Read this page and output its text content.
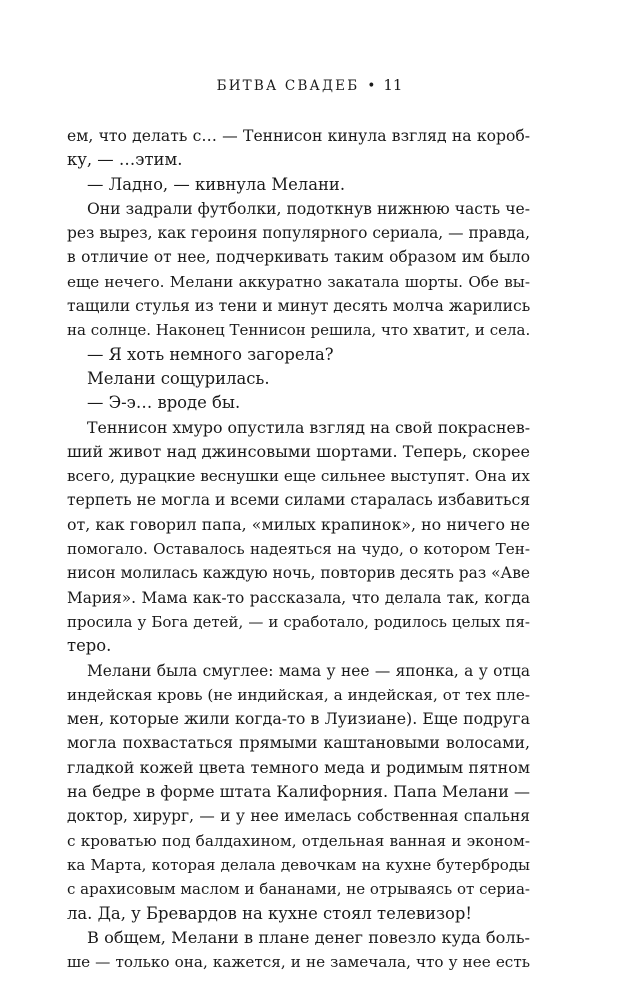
БИТВА СВАДЕБ • 11
ем, что делать с… — Теннисон кинула взгляд на короб-
ку, — …этим.
— Ладно, — кивнула Мелани.
Они задрали футболки, подоткнув нижнюю часть че-
рез вырез, как героиня популярного сериала, — правда,
в отличие от нее, подчеркивать таким образом им было
еще нечего. Мелани аккуратно закатала шорты. Обе вы-
тащили стулья из тени и минут десять молча жарились
на солнце. Наконец Теннисон решила, что хватит, и села.
— Я хоть немного загорела?
Мелани сощурилась.
— Э-э… вроде бы.
Теннисон хмуро опустила взгляд на свой покраснев-
ший живот над джинсовыми шортами. Теперь, скорее
всего, дурацкие веснушки еще сильнее выступят. Она их
терпеть не могла и всеми силами старалась избавиться
от, как говорил папа, «милых крапинок», но ничего не
помогало. Оставалось надеяться на чудо, о котором Тен-
нисон молилась каждую ночь, повторив десять раз «Аве
Мария». Мама как-то рассказала, что делала так, когда
просила у Бога детей, — и сработало, родилось целых пя-
теро.
Мелани была смуглее: мама у нее — японка, а у отца
индейская кровь (не индийская, а индейская, от тех пле-
мен, которые жили когда-то в Луизиане). Еще подруга
могла похвастаться прямыми каштановыми волосами,
гладкой кожей цвета темного меда и родимым пятном
на бедре в форме штата Калифорния. Папа Мелани —
доктор, хирург, — и у нее имелась собственная спальня
с кроватью под балдахином, отдельная ванная и эконом-
ка Марта, которая делала девочкам на кухне бутерброды
с арахисовым маслом и бананами, не отрываясь от сериа-
ла. Да, у Бревардов на кухне стоял телевизор!
В общем, Мелани в плане денег повезло куда боль-
ше — только она, кажется, и не замечала, что у нее есть
